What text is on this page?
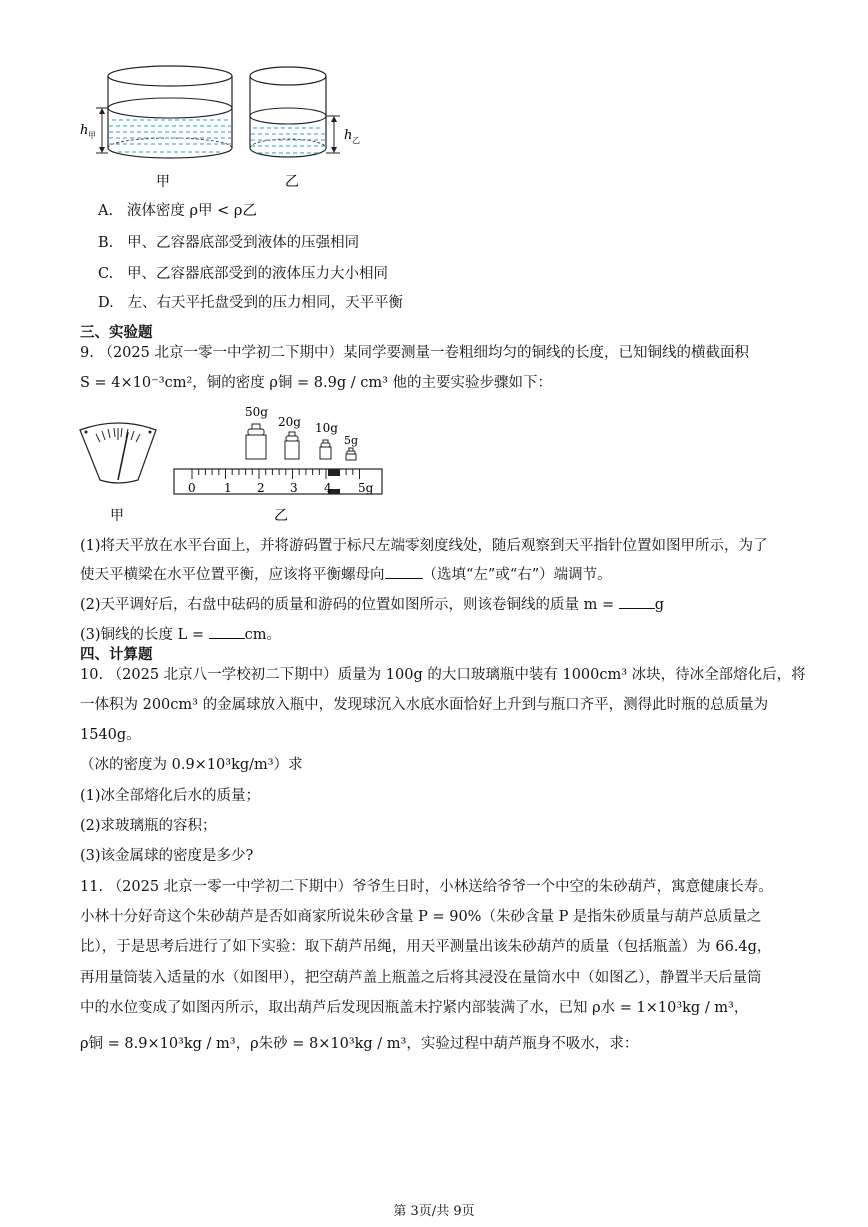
h 甲	h 乙
甲	乙
A. 液体密度 ρ甲 < ρ乙
B. 甲、乙容器底部受到液体的压强相同
C. 甲、乙容器底部受到的液体压力大小相同
D. 左、右天平托盘受到的压力相同，天平平衡
三、实验题
9. （2025 北京一零一中学初二下期中）某同学要测量一卷粗细均匀的铜线的长度，已知铜线的横截面积
S = 4×10⁻³cm²，铜的密度 ρ铜 = 8.9g / cm³ 他的主要实验步骤如下：
甲
50g
20g 10g
5g
0 1 2 3 4 5g
乙
(1)将天平放在水平台面上，并将游码置于标尺左端零刻度线处，随后观察到天平指针位置如图甲所示，为了
使天平横梁在水平位置平衡，应该将平衡螺母向	（选填“左”或“右”）端调节。
(2)天平调好后，右盘中砝码的质量和游码的位置如图所示，则该卷铜线的质量 m =	g
(3)铜线的长度 L =	cm。
四、计算题
10. （2025 北京八一学校初二下期中）质量为 100g 的大口玻璃瓶中装有 1000cm³ 冰块，待冰全部熔化后，将
一体积为 200cm³ 的金属球放入瓶中，发现球沉入水底水面恰好上升到与瓶口齐平，测得此时瓶的总质量为
1540g。
（冰的密度为 0.9×10³kg/m³）求
(1)冰全部熔化后水的质量；
(2)求玻璃瓶的容积；
(3)该金属球的密度是多少?
11. （2025 北京一零一中学初二下期中）爷爷生日时，小林送给爷爷一个中空的朱砂葫芦，寓意健康长寿。
小林十分好奇这个朱砂葫芦是否如商家所说朱砂含量 P = 90%（朱砂含量 P 是指朱砂质量与葫芦总质量之
比），于是思考后进行了如下实验：取下葫芦吊绳，用天平测量出该朱砂葫芦的质量（包括瓶盖）为 66.4g，
再用量筒装入适量的水（如图甲），把空葫芦盖上瓶盖之后将其浸没在量筒水中（如图乙），静置半天后量筒
中的水位变成了如图丙所示，取出葫芦后发现因瓶盖未拧紧内部装满了水，已知 ρ水 = 1×10³kg / m³，
ρ铜 = 8.9×10³kg / m³，ρ朱砂 = 8×10³kg / m³，实验过程中葫芦瓶身不吸水，求：
第 3页/共 9页
